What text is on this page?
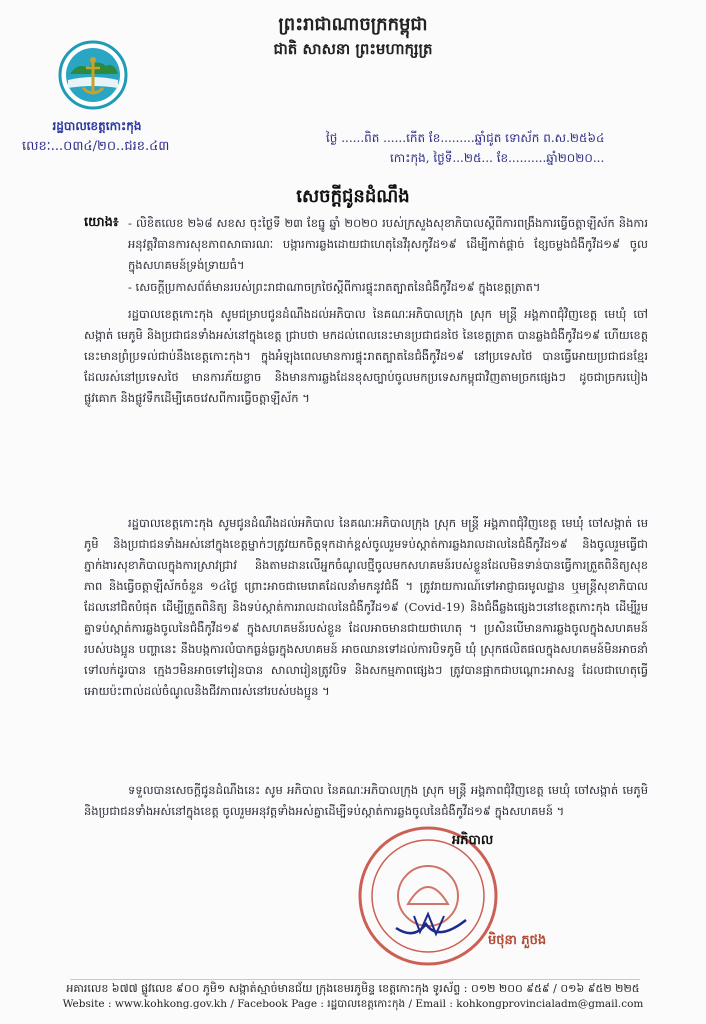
ព្រះរាជាណាចក្រកម្ពុជា
ជាតិ សាសនា ព្រះមហាក្សត្រ
រដ្ឋបាលខេត្តកោះកុង
លេខៈ...០៣៤/២០..ជរខ.៤៣
ថ្ងៃ ......ពិត ......កើត ខែ.........ឆ្នាំជូត ទោស័ក ព.ស.២៥៦៤
កោះកុង, ថ្ងៃទី...២៥... ខែ..........ឆ្នាំ២០២០...
សេចក្តីជូនដំណឹង
យោង៖ - លិខិតលេខ ២៦៨ សខស ចុះថ្ងៃទី ២៣ ខែធ្នូ ឆ្នាំ ២០២០ របស់ក្រសួងសុខាភិបាលស្តីពីការពង្រឹងការធ្វើចត្តាឡីស័ក និងការអនុវត្តវិធានការសុខភាពសាធារណៈ បង្ការការឆ្លងដោយជាហេតុនៃវីរុសកូវីដ១៩ ដើម្បីកាត់ផ្តាច់ ខ្សែចម្លងជំងឺកូវីដ១៩ ចូលក្នុងសហគមន៍ទ្រង់ទ្រាយធំ។
- សេចក្តីប្រកាសព័ត៌មានរបស់ព្រះរាជាណាចក្រថៃស្តីពីការផ្ទុះរាតត្បាតនៃជំងឺកូវីដ១៩ ក្នុងខេត្តត្រាត។
រដ្ឋបាលខេត្តកោះកុង សូមជម្រាបជូនដំណឹងដល់អភិបាល នៃគណៈអភិបាលក្រុង ស្រុក មន្ត្រី អង្គភាពជុំវិញខេត្ត មេឃុំ ចៅសង្កាត់ មេភូមិ និងប្រជាជនទាំងអស់នៅក្នុងខេត្ត ជ្រាបថា មកដល់ពេលនេះមានប្រជាជនថៃ នៃខេត្តត្រាត បានឆ្លងជំងឺកូវីដ១៩ ហើយខេត្តនេះមានព្រំប្រទល់ជាប់នឹងខេត្តកោះកុង។ ក្នុងអំឡុងពេលមានការផ្ទុះរាតត្បាតនៃជំងឺកូវីដ១៩ នៅប្រទេសថៃ បានធ្វើអោយប្រជាជនខ្មែរដែលរស់នៅប្រទេសថៃ មានការភ័យខ្លាច និងមានការឆ្លងដែនខុសច្បាប់ចូលមកប្រទេសកម្ពុជាវិញតាមច្រកផ្សេងៗ ដូចជាច្រករបៀងផ្លូវគោក និងផ្លូវទឹកដើម្បីគេចវេសពីការធ្វើចត្តាឡីស័ក ។
រដ្ឋបាលខេត្តកោះកុង សូមជូនដំណឹងដល់អភិបាល នៃគណៈអភិបាលក្រុង ស្រុក មន្ត្រី អង្គភាពជុំវិញខេត្ត មេឃុំ ចៅសង្កាត់ មេភូមិ និងប្រជាជនទាំងអស់នៅក្នុងខេត្តម្នាក់ៗត្រូវយកចិត្តទុកដាក់ខ្ពស់ចូលរួមទប់ស្កាត់ការឆ្លងរាលដាលនៃជំងឺកូវីដ១៩ និងចូលរួមធ្វើជាភ្នាក់ងារសុខាភិបាលក្នុងការស្រាវជ្រាវ និងតាមដានលើអ្នកចំណូលថ្មីចូលមកសហគមន៍របស់ខ្លួនដែលមិនទាន់បានធ្វើការត្រួតពិនិត្យសុខភាព និងធ្វើចត្តាឡីស័កចំនួន ១៤ថ្ងៃ ព្រោះអាចជាមេរោគដែលនាំមកនូវជំងឺ ។ ត្រូវរាយការណ៍ទៅអាជ្ញាធរមូលដ្ឋាន ឬមន្ត្រីសុខាភិបាលដែលនៅជិតបំផុត ដើម្បីត្រួតពិនិត្យ និងទប់ស្កាត់ការរាលដាលនៃជំងឺកូវីដ១៩ (Covid-19) និងជំងឺឆ្លងផ្សេងៗនៅខេត្តកោះកុង ដើម្បីរួមគ្នាទប់ស្កាត់ការឆ្លងចូលនៃជំងឺកូវីដ១៩ ក្នុងសហគមន៍របស់ខ្លួន ដែលអាចមានជាយថាហេតុ ។ ប្រសិនបើមានការឆ្លងចូលក្នុងសហគមន៍របស់បងប្អូន បញ្ហានេះ នឹងបង្កការលំបាកធ្ងន់ធ្ងរក្នុងសហគមន៍ អាចឈានទៅដល់ការបិទភូមិ ឃុំ ស្រុកផលិតផលក្នុងសហគមន៍មិនអាចនាំទៅលក់ដូរបាន ក្មេងៗមិនអាចទៅរៀនបាន សាលារៀនត្រូវបិទ និងសកម្មភាពផ្សេងៗ ត្រូវបានផ្អាកជាបណ្តោះអាសន្ន ដែលជាហេតុធ្វើអោយប៉ះពាល់ដល់ចំណូលនិងជីវភាពរស់នៅរបស់បងប្អូន ។
ទទួលបានសេចក្តីជូនដំណឹងនេះ សូម អភិបាល នៃគណៈអភិបាលក្រុង ស្រុក មន្ត្រី អង្គភាពជុំវិញខេត្ត មេឃុំ ចៅសង្កាត់ មេភូមិ និងប្រជាជនទាំងអស់នៅក្នុងខេត្ត ចូលរួមអនុវត្តទាំងអស់គ្នាដើម្បីទប់ស្កាត់ការឆ្លងចូលនៃជំងឺកូវីដ១៩ ក្នុងសហគមន៍ ។
អភិបាល
មិថុនា ភួថង
អគារលេខ ៦៧៧ ផ្លូវលេខ ៩០០ ភូមិ១ សង្កាត់ស្មាច់មានជ័យ ក្រុងខេមរភូមិន្ទ ខេត្តកោះកុង ទូរស័ព្ទ : ០១២ ២០០ ៩៥៩ / ០១៦ ៩៥២ ២២៥
Website : www.kohkong.gov.kh / Facebook Page : រដ្ឋបាលខេត្តកោះកុង / Email : kohkongprovincialadm@gmail.com
